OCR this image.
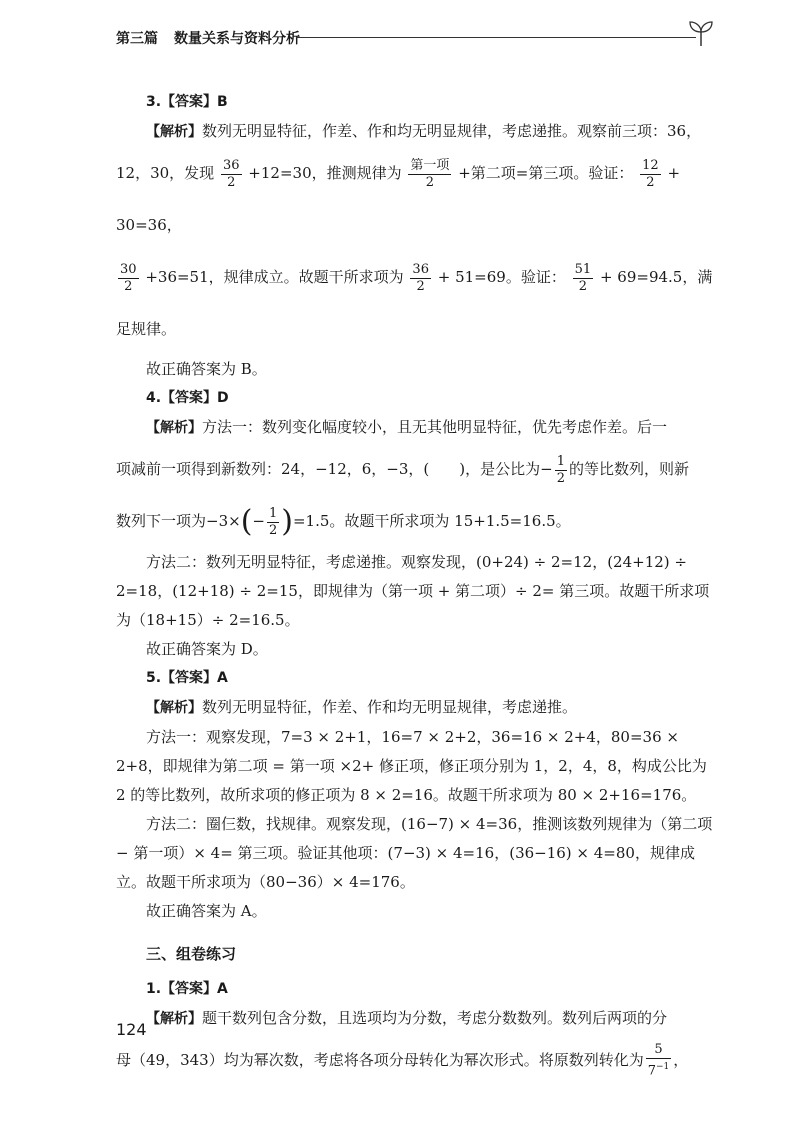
第三篇 数量关系与资料分析

3.【答案】B

【解析】数列无明显特征，作差、作和均无明显规律，考虑递推。观察前三项：36，

12，30，发现 $\frac{36}{2} +12=30$，推测规律为 $\frac{\text{第一项}}{2}$ +第二项=第三项。验证： $\frac{12}{2} + 30=36$，

$\frac{30}{2} +36=51$，规律成立。故题干所求项为 $\frac{36}{2} + 51=69$。验证： $\frac{51}{2} + 69=94.5$，满足规律。

故正确答案为 B。

4.【答案】D

【解析】方法一：数列变化幅度较小，且无其他明显特征，优先考虑作差。后一

项减前一项得到新数列：24，−12，6，−3，(　　)，是公比为− $\frac{1}{2}$ 的等比数列，则新

数列下一项为$-3\times(- \frac{1}{2} )=1.5$。故题干所求项为 15+1.5=16.5。

方法二：数列无明显特征，考虑递推。观察发现，(0+24) ÷ 2=12，(24+12) ÷ 2=18，(12+18) ÷ 2=15，即规律为（第一项 + 第二项）÷ 2= 第三项。故题干所求项为（18+15）÷ 2=16.5。

故正确答案为 D。

5.【答案】A

【解析】数列无明显特征，作差、作和均无明显规律，考虑递推。

方法一：观察发现，7=3 × 2+1，16=7 × 2+2，36=16 × 2+4，80=36 × 2+8，即规律为第二项 = 第一项 ×2+ 修正项，修正项分别为 1，2，4，8，构成公比为 2 的等比数列，故所求项的修正项为 8 × 2=16。故题干所求项为 80 × 2+16=176。

方法二：圈仨数，找规律。观察发现，(16−7) × 4=36，推测该数列规律为（第二项 − 第一项）× 4= 第三项。验证其他项：(7−3) × 4=16，(36−16) × 4=80，规律成立。故题干所求项为（80−36）× 4=176。

故正确答案为 A。

三、组卷练习

1.【答案】A

【解析】题干数列包含分数，且选项均为分数，考虑分数数列。数列后两项的分

母（49，343）均为幂次数，考虑将各项分母转化为幂次形式。将原数列转化为 $\frac{5}{7^{-1}}$ ，

124
